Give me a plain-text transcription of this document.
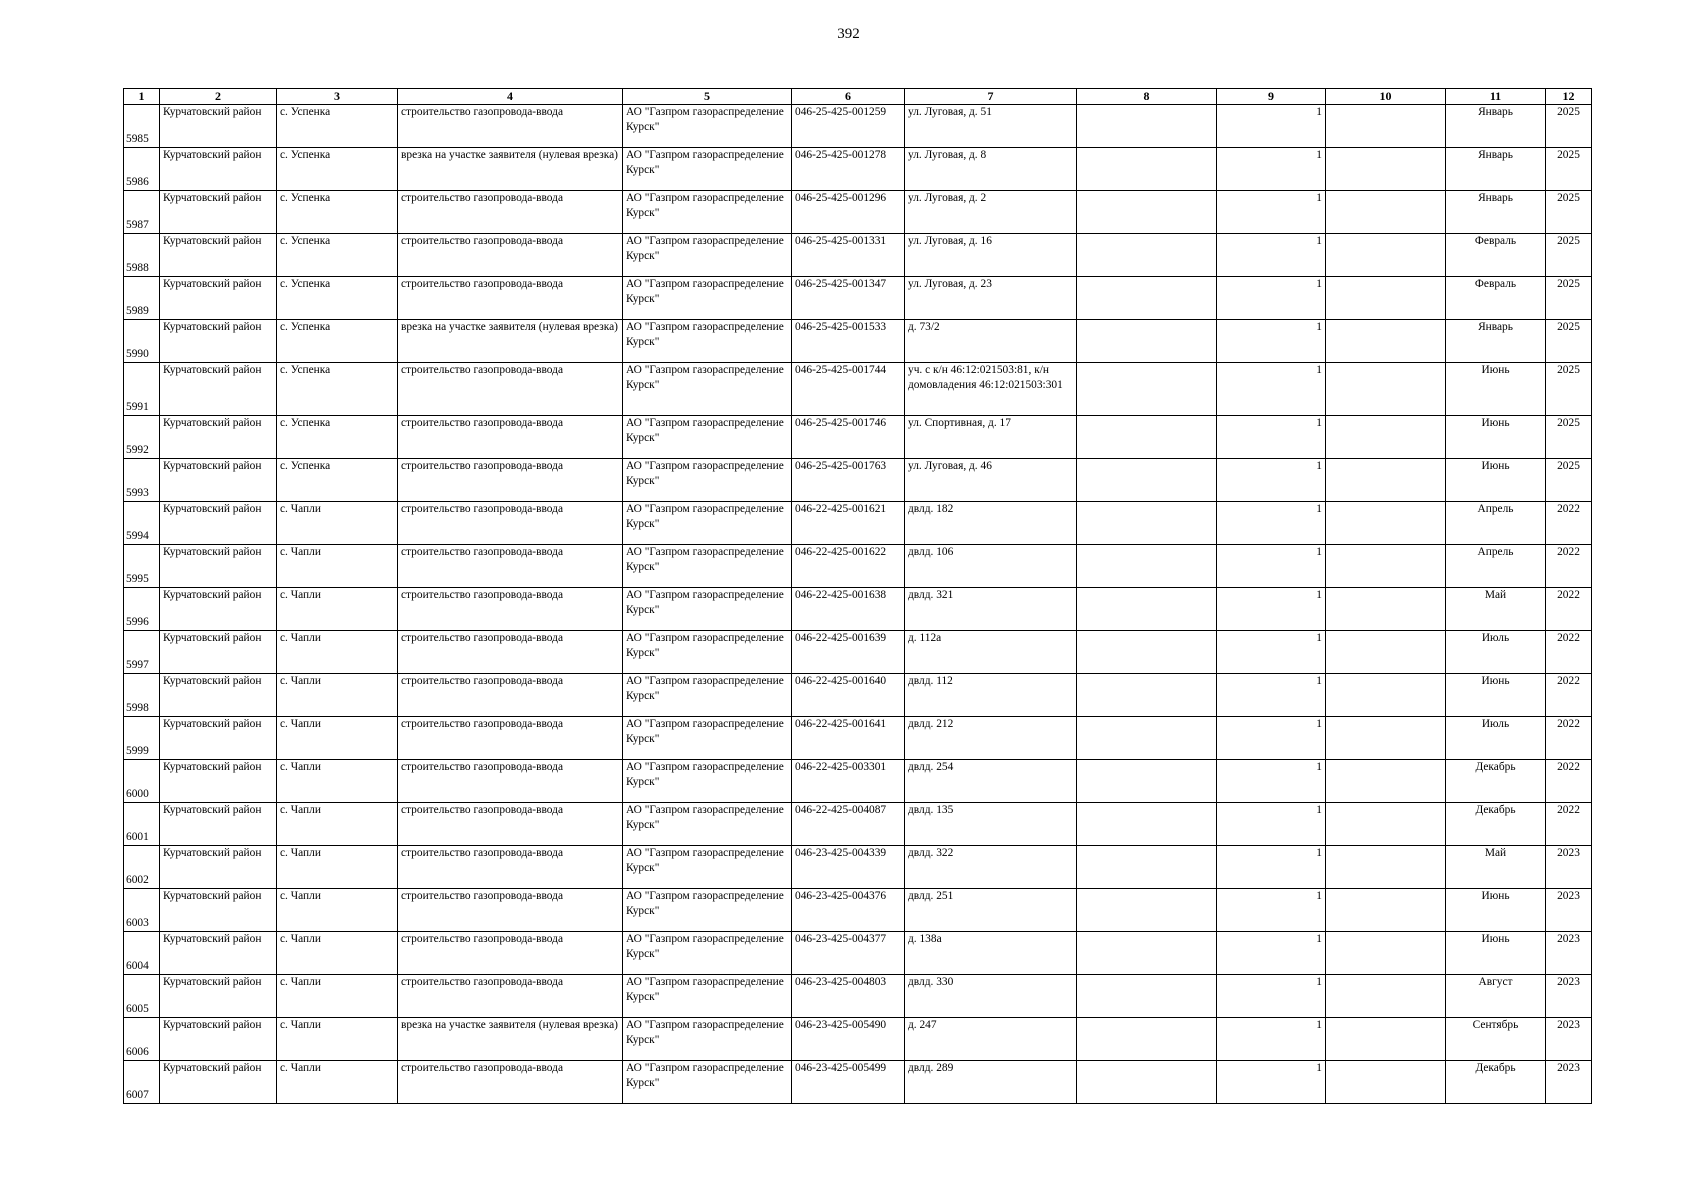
392
1	2	3	4	5	6	7	8	9	10	11	12
5985	Курчатовский район	с. Успенка	строительство газопровода-ввода	АО "Газпром газораспределение Курск"	046-25-425-001259	ул. Луговая, д. 51		1		Январь	2025
5986	Курчатовский район	с. Успенка	врезка на участке заявителя (нулевая врезка)	АО "Газпром газораспределение Курск"	046-25-425-001278	ул. Луговая, д. 8		1		Январь	2025
5987	Курчатовский район	с. Успенка	строительство газопровода-ввода	АО "Газпром газораспределение Курск"	046-25-425-001296	ул. Луговая, д. 2		1		Январь	2025
5988	Курчатовский район	с. Успенка	строительство газопровода-ввода	АО "Газпром газораспределение Курск"	046-25-425-001331	ул. Луговая, д. 16		1		Февраль	2025
5989	Курчатовский район	с. Успенка	строительство газопровода-ввода	АО "Газпром газораспределение Курск"	046-25-425-001347	ул. Луговая, д. 23		1		Февраль	2025
5990	Курчатовский район	с. Успенка	врезка на участке заявителя (нулевая врезка)	АО "Газпром газораспределение Курск"	046-25-425-001533	д. 73/2		1		Январь	2025
5991	Курчатовский район	с. Успенка	строительство газопровода-ввода	АО "Газпром газораспределение Курск"	046-25-425-001744	уч. с к/н 46:12:021503:81, к/н домовладения 46:12:021503:301		1		Июнь	2025
5992	Курчатовский район	с. Успенка	строительство газопровода-ввода	АО "Газпром газораспределение Курск"	046-25-425-001746	ул. Спортивная, д. 17		1		Июнь	2025
5993	Курчатовский район	с. Успенка	строительство газопровода-ввода	АО "Газпром газораспределение Курск"	046-25-425-001763	ул. Луговая, д. 46		1		Июнь	2025
5994	Курчатовский район	с. Чапли	строительство газопровода-ввода	АО "Газпром газораспределение Курск"	046-22-425-001621	двлд. 182		1		Апрель	2022
5995	Курчатовский район	с. Чапли	строительство газопровода-ввода	АО "Газпром газораспределение Курск"	046-22-425-001622	двлд. 106		1		Апрель	2022
5996	Курчатовский район	с. Чапли	строительство газопровода-ввода	АО "Газпром газораспределение Курск"	046-22-425-001638	двлд. 321		1		Май	2022
5997	Курчатовский район	с. Чапли	строительство газопровода-ввода	АО "Газпром газораспределение Курск"	046-22-425-001639	д. 112а		1		Июль	2022
5998	Курчатовский район	с. Чапли	строительство газопровода-ввода	АО "Газпром газораспределение Курск"	046-22-425-001640	двлд. 112		1		Июнь	2022
5999	Курчатовский район	с. Чапли	строительство газопровода-ввода	АО "Газпром газораспределение Курск"	046-22-425-001641	двлд. 212		1		Июль	2022
6000	Курчатовский район	с. Чапли	строительство газопровода-ввода	АО "Газпром газораспределение Курск"	046-22-425-003301	двлд. 254		1		Декабрь	2022
6001	Курчатовский район	с. Чапли	строительство газопровода-ввода	АО "Газпром газораспределение Курск"	046-22-425-004087	двлд. 135		1		Декабрь	2022
6002	Курчатовский район	с. Чапли	строительство газопровода-ввода	АО "Газпром газораспределение Курск"	046-23-425-004339	двлд. 322		1		Май	2023
6003	Курчатовский район	с. Чапли	строительство газопровода-ввода	АО "Газпром газораспределение Курск"	046-23-425-004376	двлд. 251		1		Июнь	2023
6004	Курчатовский район	с. Чапли	строительство газопровода-ввода	АО "Газпром газораспределение Курск"	046-23-425-004377	д. 138а		1		Июнь	2023
6005	Курчатовский район	с. Чапли	строительство газопровода-ввода	АО "Газпром газораспределение Курск"	046-23-425-004803	двлд. 330		1		Август	2023
6006	Курчатовский район	с. Чапли	врезка на участке заявителя (нулевая врезка)	АО "Газпром газораспределение Курск"	046-23-425-005490	д. 247		1		Сентябрь	2023
6007	Курчатовский район	с. Чапли	строительство газопровода-ввода	АО "Газпром газораспределение Курск"	046-23-425-005499	двлд. 289		1		Декабрь	2023
